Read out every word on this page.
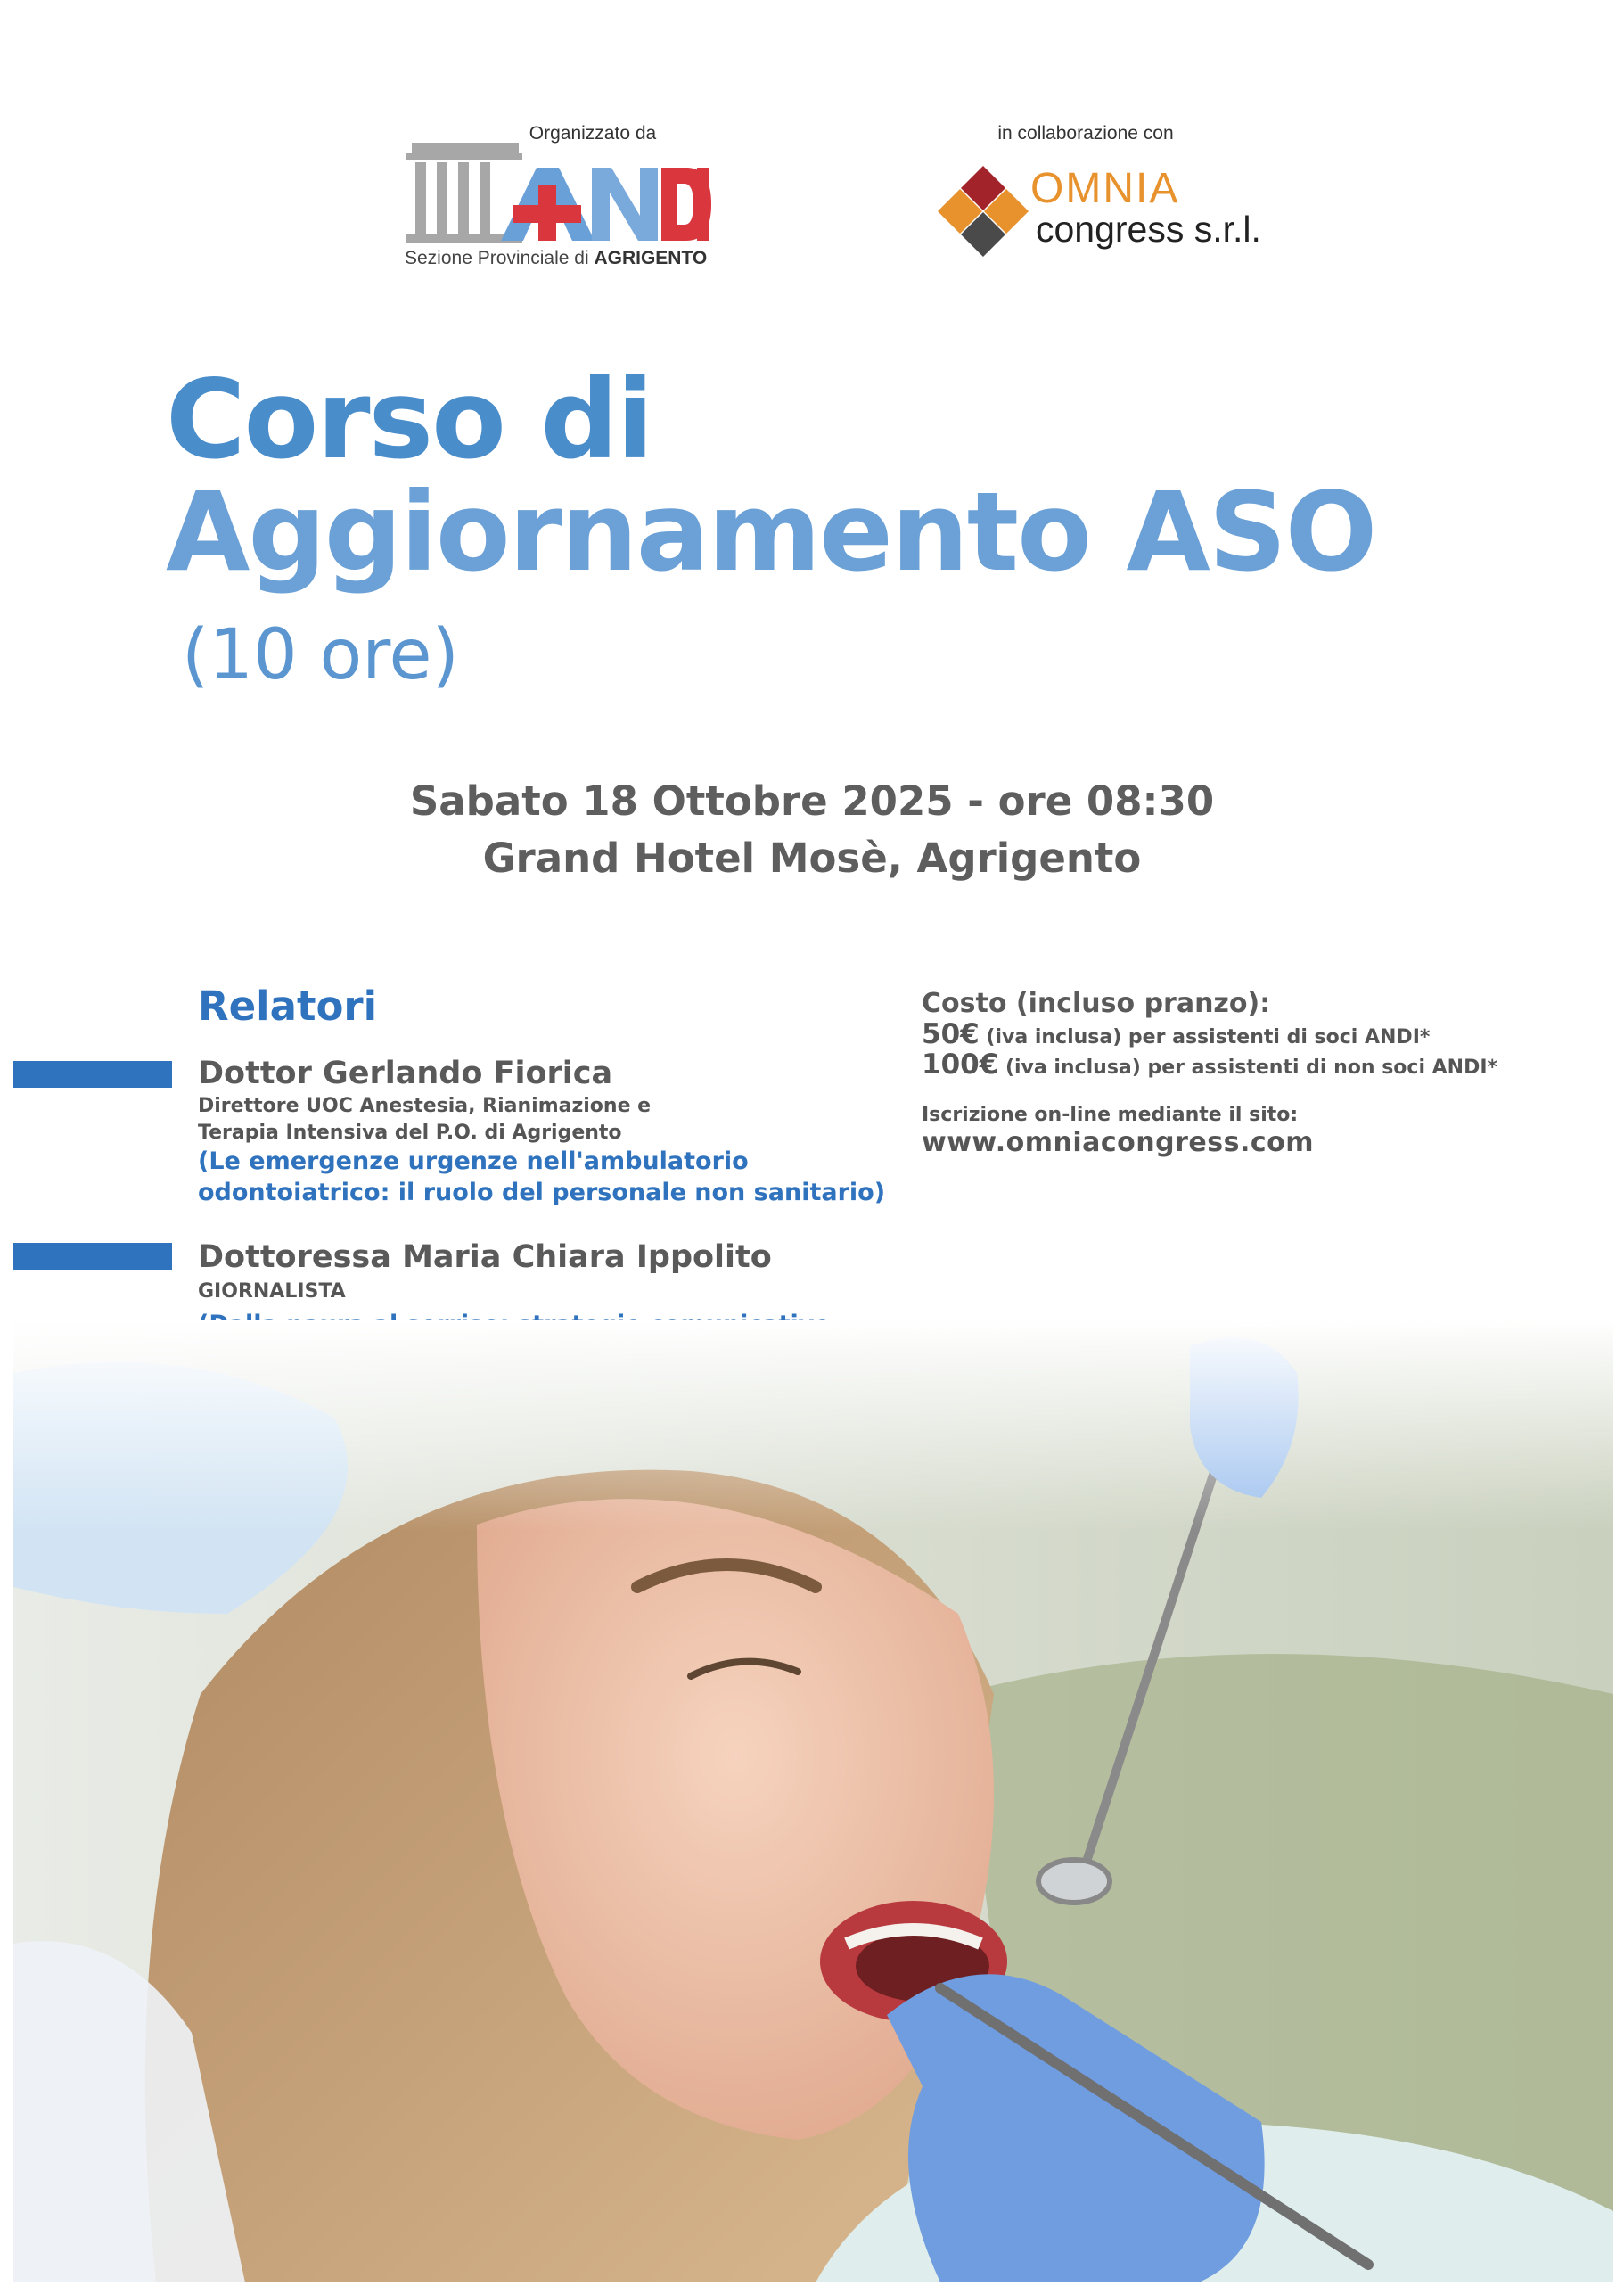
Organizzato da	in collaborazione con
Sezione Provinciale di AGRIGENTO
OMNIA
congress s.r.l.
Corso di
Aggiornamento ASO
(10 ore)
Sabato 18 Ottobre 2025 - ore 08:30
Grand Hotel Mosè, Agrigento
Relatori
Dottor Gerlando Fiorica
Direttore UOC Anestesia, Rianimazione e
Terapia Intensiva del P.O. di Agrigento
(Le emergenze urgenze nell'ambulatorio
odontoiatrico: il ruolo del personale non sanitario)
Dottoressa Maria Chiara Ippolito
GIORNALISTA
Costo (incluso pranzo):
50€ (iva inclusa) per assistenti di soci ANDI*
100€ (iva inclusa) per assistenti di non soci ANDI*
Iscrizione on-line mediante il sito:
www.omniacongress.com
